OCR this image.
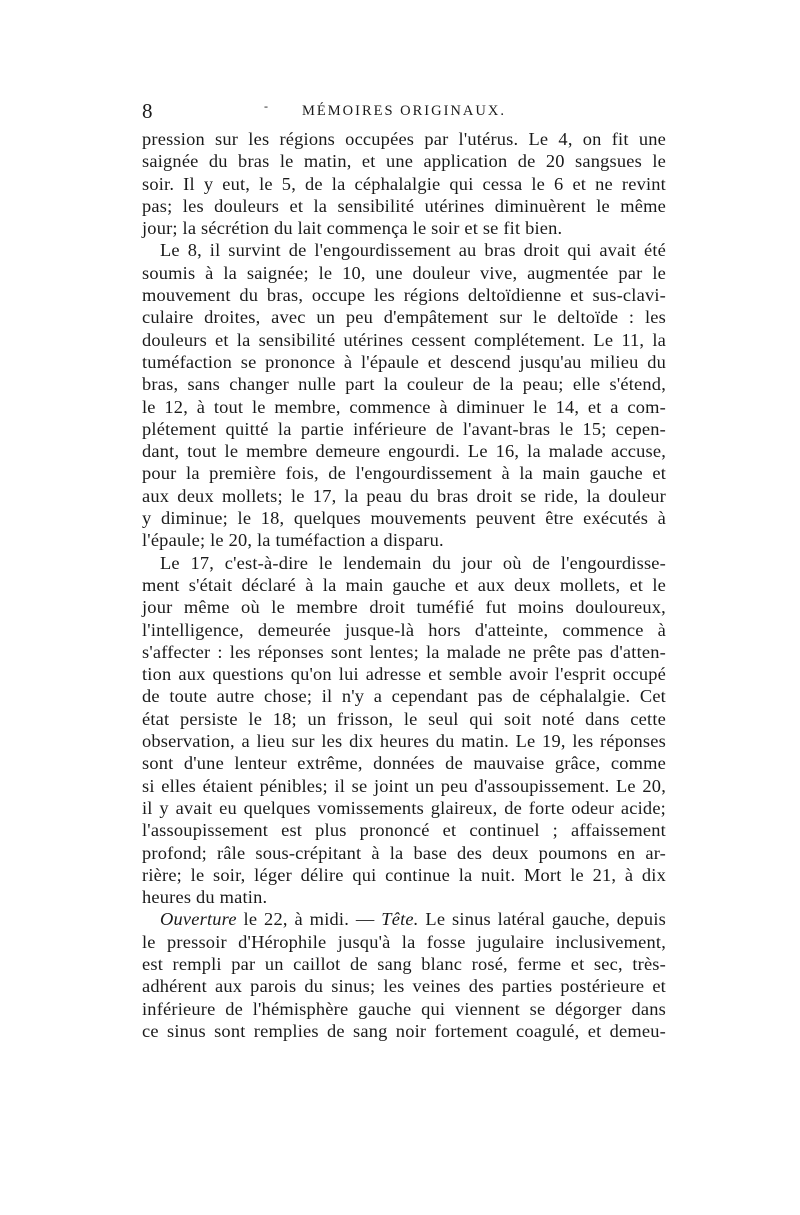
8	- MÉMOIRES ORIGINAUX.
pression sur les régions occupées par l'utérus. Le 4, on fit une
saignée du bras le matin, et une application de 20 sangsues le
soir. Il y eut, le 5, de la céphalalgie qui cessa le 6 et ne revint
pas; les douleurs et la sensibilité utérines diminuèrent le même
jour; la sécrétion du lait commença le soir et se fit bien.
Le 8, il survint de l'engourdissement au bras droit qui avait été
soumis à la saignée; le 10, une douleur vive, augmentée par le
mouvement du bras, occupe les régions deltoïdienne et sus-clavi-
culaire droites, avec un peu d'empâtement sur le deltoïde : les
douleurs et la sensibilité utérines cessent complétement. Le 11, la
tuméfaction se prononce à l'épaule et descend jusqu'au milieu du
bras, sans changer nulle part la couleur de la peau; elle s'étend,
le 12, à tout le membre, commence à diminuer le 14, et a com-
plétement quitté la partie inférieure de l'avant-bras le 15; cepen-
dant, tout le membre demeure engourdi. Le 16, la malade accuse,
pour la première fois, de l'engourdissement à la main gauche et
aux deux mollets; le 17, la peau du bras droit se ride, la douleur
y diminue; le 18, quelques mouvements peuvent être exécutés à
l'épaule; le 20, la tuméfaction a disparu.
Le 17, c'est-à-dire le lendemain du jour où de l'engourdisse-
ment s'était déclaré à la main gauche et aux deux mollets, et le
jour même où le membre droit tuméfié fut moins douloureux,
l'intelligence, demeurée jusque-là hors d'atteinte, commence à
s'affecter : les réponses sont lentes; la malade ne prête pas d'atten-
tion aux questions qu'on lui adresse et semble avoir l'esprit occupé
de toute autre chose; il n'y a cependant pas de céphalalgie. Cet
état persiste le 18; un frisson, le seul qui soit noté dans cette
observation, a lieu sur les dix heures du matin. Le 19, les réponses
sont d'une lenteur extrême, données de mauvaise grâce, comme
si elles étaient pénibles; il se joint un peu d'assoupissement. Le 20,
il y avait eu quelques vomissements glaireux, de forte odeur acide;
l'assoupissement est plus prononcé et continuel ; affaissement
profond; râle sous-crépitant à la base des deux poumons en ar-
rière; le soir, léger délire qui continue la nuit. Mort le 21, à dix
heures du matin.
Ouverture le 22, à midi. — Tête. Le sinus latéral gauche, depuis
le pressoir d'Hérophile jusqu'à la fosse jugulaire inclusivement,
est rempli par un caillot de sang blanc rosé, ferme et sec, très-
adhérent aux parois du sinus; les veines des parties postérieure et
inférieure de l'hémisphère gauche qui viennent se dégorger dans
ce sinus sont remplies de sang noir fortement coagulé, et demeu-
